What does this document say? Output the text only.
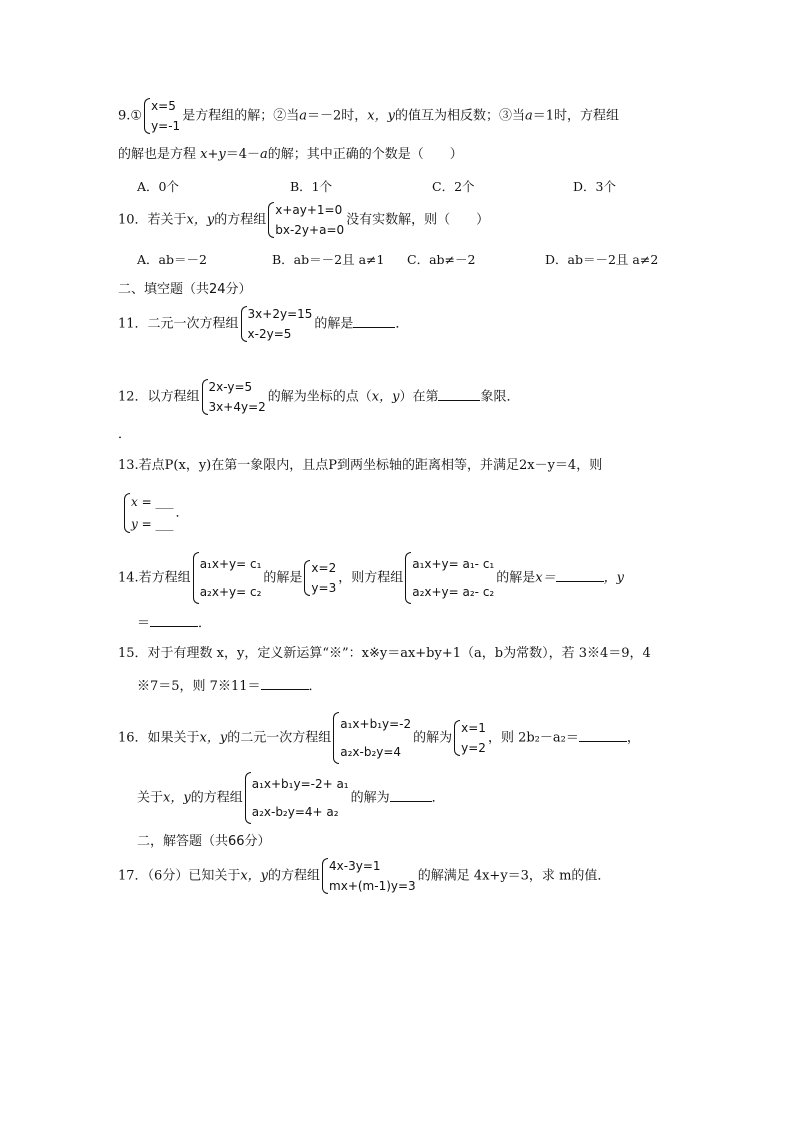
9.①
x=5
y=-1
是方程组的解；②当a＝－2时，x，y的值互为相反数；③当a＝1时，方程组
的解也是方程 x+y＝4－a的解；其中正确的个数是（　　）
A．0个	B．1个	C．2个	D．3个
10．若关于x，y的方程组
x+ay+1=0
bx-2y+a=0
没有实数解，则（　　）
A．ab＝－2	B．ab＝－2且 a≠1 C．ab≠－2	D．ab＝－2且 a≠2
二、填空题（共24分）
11．二元一次方程组
3x+2y=15
x-2y=5
的解是	．
12．以方程组
2x-y=5
3x+4y=2
的解为坐标的点（x，y）在第	象限．
．
13.若点P(x，y)在第一象限内，且点P到两坐标轴的距离相等，并满足2x－y＝4，则
x = ___
y = ___
．
14.若方程组
a₁x+y= c₁
a₂x+y= c₂
的解是
x=2
y=3
，则方程组
a₁x+y= a₁- c₁
a₂x+y= a₂- c₂
的解是x＝	，y
＝	．
15．对于有理数 x，y，定义新运算“※”：x※y＝ax+by+1（a，b为常数），若 3※4＝9，4
※7＝5，则 7※11＝	．
16．如果关于x，y的二元一次方程组
a₁x+b₁y=-2
a₂x-b₂y=4
的解为
x=1
y=2
，则 2b₂－a₂＝	，
关于x，y的方程组
a₁x+b₁y=-2+ a₁
a₂x-b₂y=4+ a₂
的解为	．
二，解答题（共66分）
17．（6分）已知关于x，y的方程组
4x-3y=1
mx+(m-1)y=3
的解满足 4x+y＝3，求 m的值．
